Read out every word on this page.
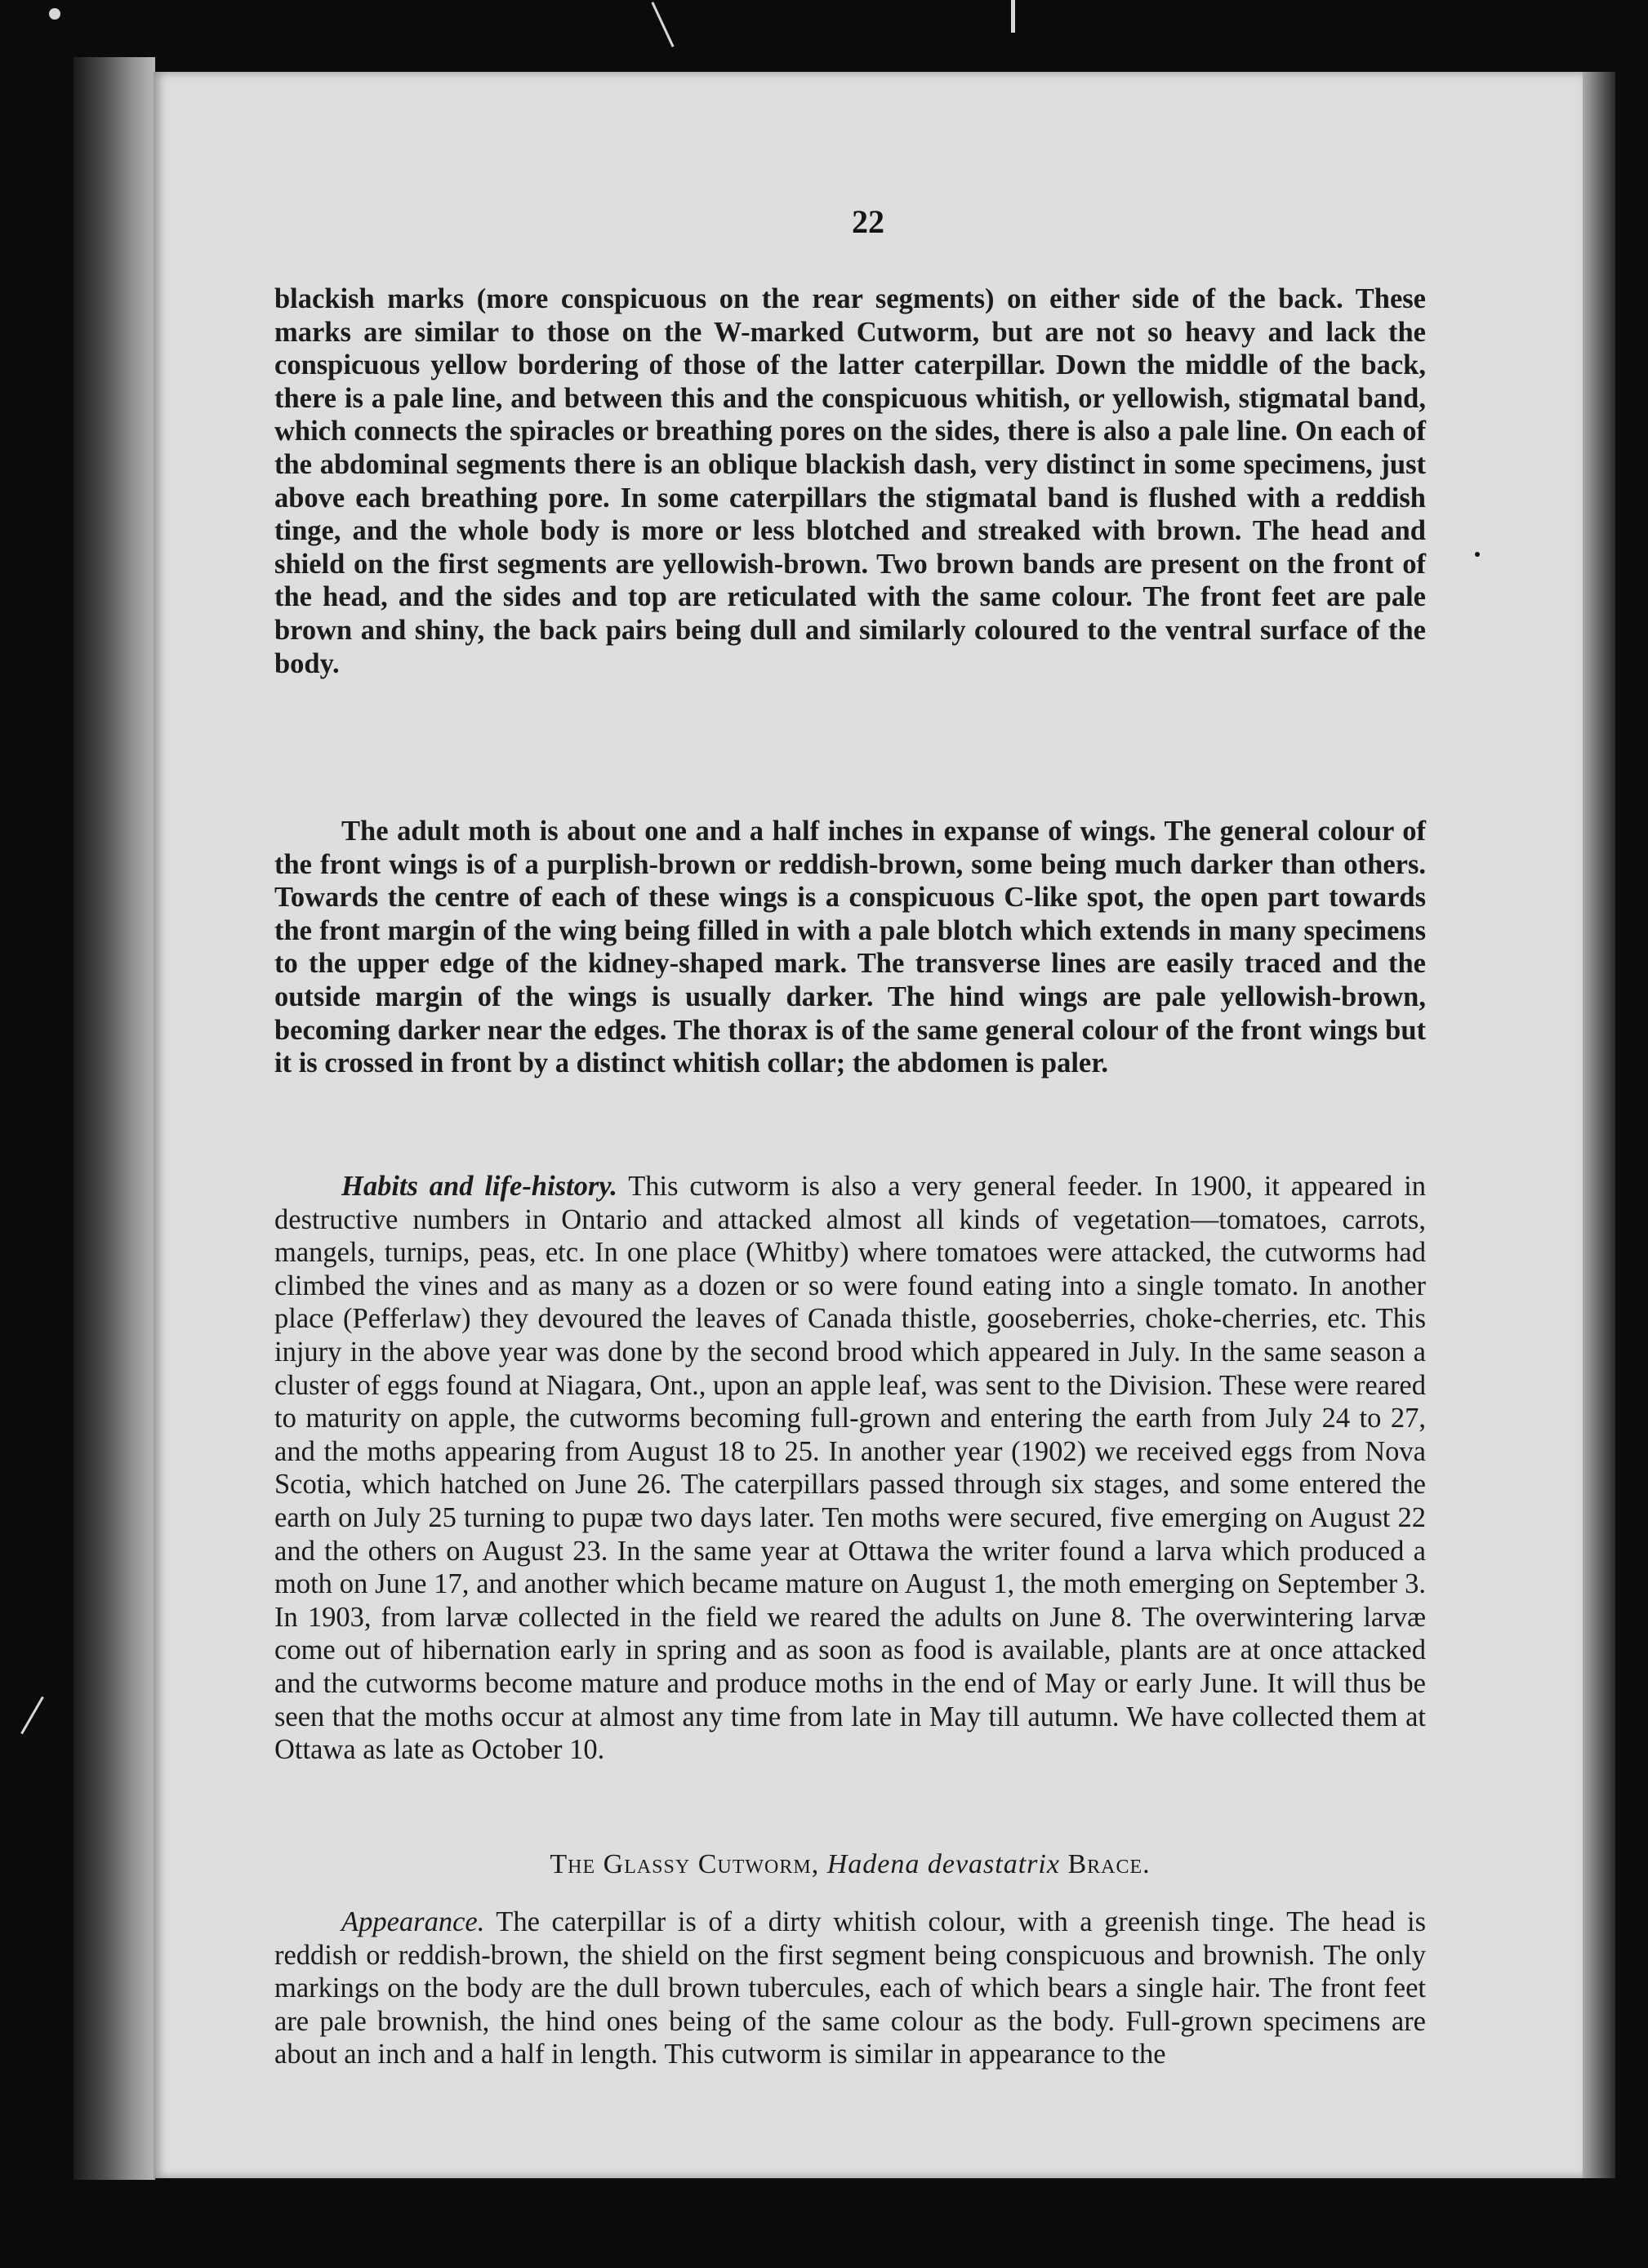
22

blackish marks (more conspicuous on the rear segments) on either side of the back. These marks are similar to those on the W-marked Cutworm, but are not so heavy and lack the conspicuous yellow bordering of those of the latter caterpillar. Down the middle of the back, there is a pale line, and between this and the conspicuous whitish, or yellowish, stigmatal band, which connects the spiracles or breathing pores on the sides, there is also a pale line. On each of the abdominal segments there is an oblique blackish dash, very distinct in some specimens, just above each breathing pore. In some caterpillars the stigmatal band is flushed with a reddish tinge, and the whole body is more or less blotched and streaked with brown. The head and shield on the first segments are yellowish-brown. Two brown bands are present on the front of the head, and the sides and top are reticulated with the same colour. The front feet are pale brown and shiny, the back pairs being dull and similarly coloured to the ventral surface of the body.

The adult moth is about one and a half inches in expanse of wings. The general colour of the front wings is of a purplish-brown or reddish-brown, some being much darker than others. Towards the centre of each of these wings is a conspicuous C-like spot, the open part towards the front margin of the wing being filled in with a pale blotch which extends in many specimens to the upper edge of the kidney-shaped mark. The transverse lines are easily traced and the outside margin of the wings is usually darker. The hind wings are pale yellowish-brown, becoming darker near the edges. The thorax is of the same general colour of the front wings but it is crossed in front by a distinct whitish collar; the abdomen is paler.

Habits and life-history. This cutworm is also a very general feeder. In 1900, it appeared in destructive numbers in Ontario and attacked almost all kinds of vegetation—tomatoes, carrots, mangels, turnips, peas, etc. In one place (Whitby) where tomatoes were attacked, the cutworms had climbed the vines and as many as a dozen or so were found eating into a single tomato. In another place (Pefferlaw) they devoured the leaves of Canada thistle, gooseberries, choke-cherries, etc. This injury in the above year was done by the second brood which appeared in July. In the same season a cluster of eggs found at Niagara, Ont., upon an apple leaf, was sent to the Division. These were reared to maturity on apple, the cutworms becoming full-grown and entering the earth from July 24 to 27, and the moths appearing from August 18 to 25. In another year (1902) we received eggs from Nova Scotia, which hatched on June 26. The caterpillars passed through six stages, and some entered the earth on July 25 turning to pupæ two days later. Ten moths were secured, five emerging on August 22 and the others on August 23. In the same year at Ottawa the writer found a larva which produced a moth on June 17, and another which became mature on August 1, the moth emerging on September 3. In 1903, from larvæ collected in the field we reared the adults on June 8. The overwintering larvæ come out of hibernation early in spring and as soon as food is available, plants are at once attacked and the cutworms become mature and produce moths in the end of May or early June. It will thus be seen that the moths occur at almost any time from late in May till autumn. We have collected them at Ottawa as late as October 10.

The Glassy Cutworm, Hadena devastatrix Brace.

Appearance. The caterpillar is of a dirty whitish colour, with a greenish tinge. The head is reddish or reddish-brown, the shield on the first segment being conspicuous and brownish. The only markings on the body are the dull brown tubercules, each of which bears a single hair. The front feet are pale brownish, the hind ones being of the same colour as the body. Full-grown specimens are about an inch and a half in length. This cutworm is similar in appearance to the
